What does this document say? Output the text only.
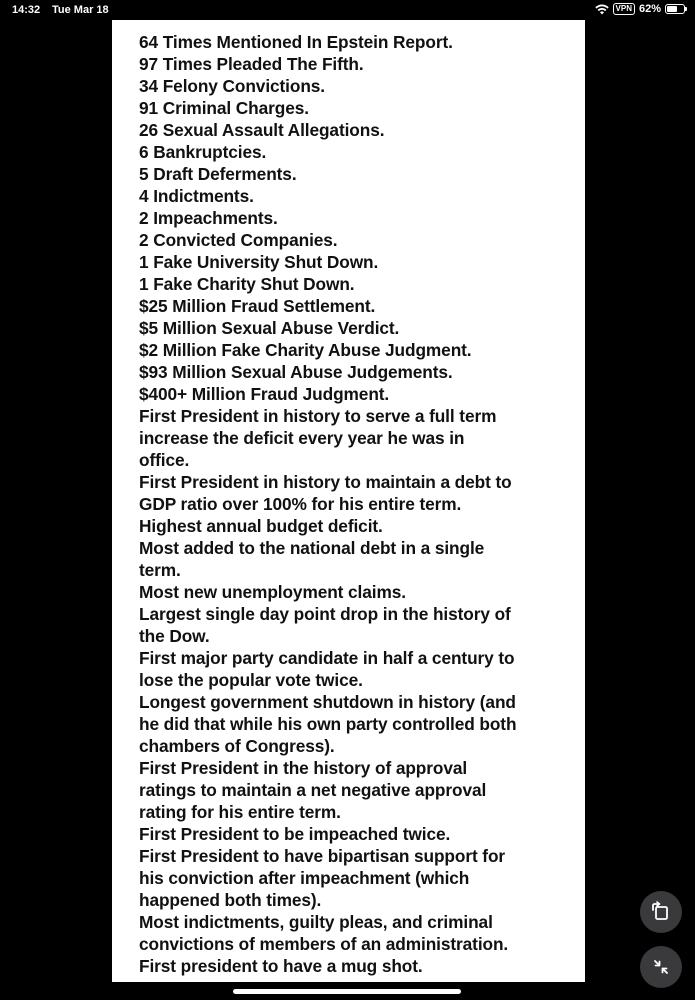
14:32 Tue Mar 18	VPN 62%
64 Times Mentioned In Epstein Report.
97 Times Pleaded The Fifth.
34 Felony Convictions.
91 Criminal Charges.
26 Sexual Assault Allegations.
6 Bankruptcies.
5 Draft Deferments.
4 Indictments.
2 Impeachments.
2 Convicted Companies.
1 Fake University Shut Down.
1 Fake Charity Shut Down.
$25 Million Fraud Settlement.
$5 Million Sexual Abuse Verdict.
$2 Million Fake Charity Abuse Judgment.
$93 Million Sexual Abuse Judgements.
$400+ Million Fraud Judgment.
First President in history to serve a full term
increase the deficit every year he was in
office.
First President in history to maintain a debt to
GDP ratio over 100% for his entire term.
Highest annual budget deficit.
Most added to the national debt in a single
term.
Most new unemployment claims.
Largest single day point drop in the history of
the Dow.
First major party candidate in half a century to
lose the popular vote twice.
Longest government shutdown in history (and
he did that while his own party controlled both
chambers of Congress).
First President in the history of approval
ratings to maintain a net negative approval
rating for his entire term.
First President to be impeached twice.
First President to have bipartisan support for
his conviction after impeachment (which
happened both times).
Most indictments, guilty pleas, and criminal
convictions of members of an administration.
First president to have a mug shot.
